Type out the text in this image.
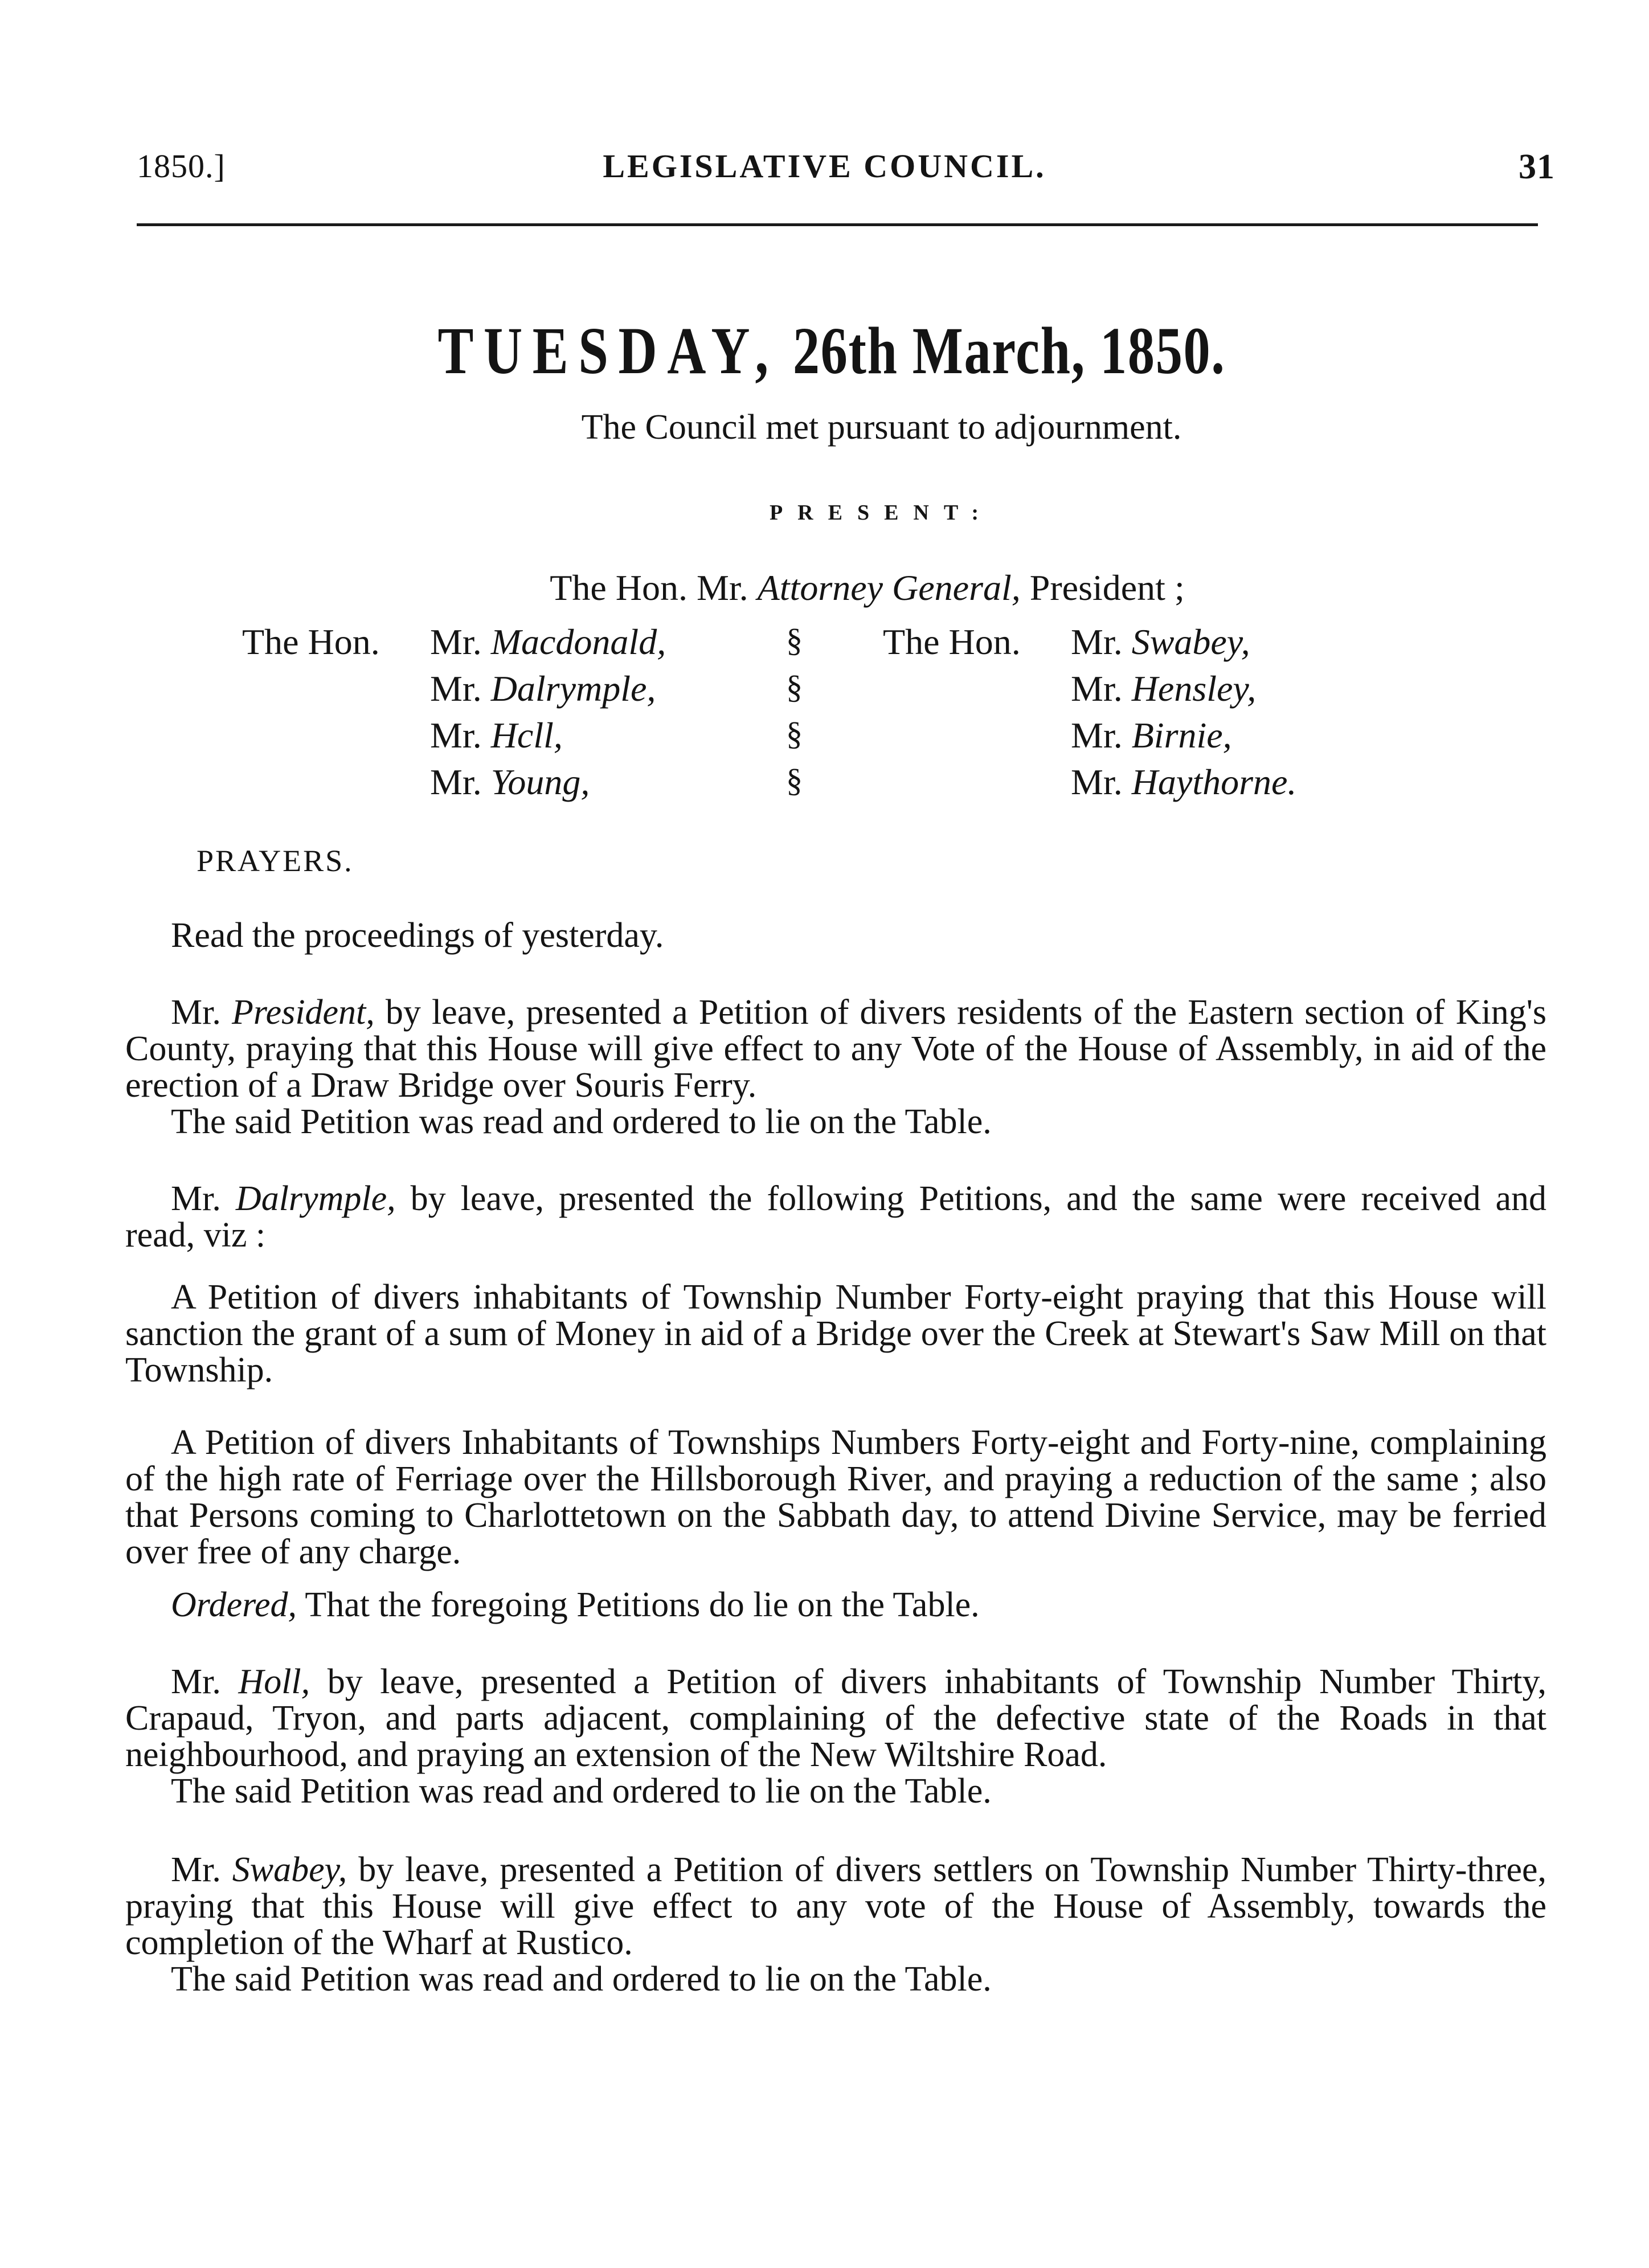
1850.]	LEGISLATIVE COUNCIL.	31
TUESDAY, 26th March, 1850.
The Council met pursuant to adjournment.
PRESENT:
The Hon. Mr. Attorney General, President ;
The Hon. Mr. Macdonald,	§ The Hon. Mr. Swabey,
Mr. Dalrymple,	§	Mr. Hensley,
Mr. Hcll,	§	Mr. Birnie,
Mr. Young,	§	Mr. Haythorne.
PRAYERS.

Read the proceedings of yesterday.

Mr. President, by leave, presented a Petition of divers residents of the Eastern section of King's County, praying that this House will give effect to any Vote of the House of Assembly, in aid of the erection of a Draw Bridge over Souris Ferry.

The said Petition was read and ordered to lie on the Table.

Mr. Dalrymple, by leave, presented the following Petitions, and the same were received and read, viz :

A Petition of divers inhabitants of Township Number Forty-eight praying that this House will sanction the grant of a sum of Money in aid of a Bridge over the Creek at Stewart's Saw Mill on that Township.

A Petition of divers Inhabitants of Townships Numbers Forty-eight and Forty-nine, complaining of the high rate of Ferriage over the Hillsborough River, and praying a reduction of the same ; also that Persons coming to Charlottetown on the Sabbath day, to attend Divine Service, may be ferried over free of any charge.

Ordered, That the foregoing Petitions do lie on the Table.

Mr. Holl, by leave, presented a Petition of divers inhabitants of Township Number Thirty, Crapaud, Tryon, and parts adjacent, complaining of the defective state of the Roads in that neighbourhood, and praying an extension of the New Wiltshire Road.

The said Petition was read and ordered to lie on the Table.

Mr. Swabey, by leave, presented a Petition of divers settlers on Township Number Thirty-three, praying that this House will give effect to any vote of the House of Assembly, towards the completion of the Wharf at Rustico.

The said Petition was read and ordered to lie on the Table.
